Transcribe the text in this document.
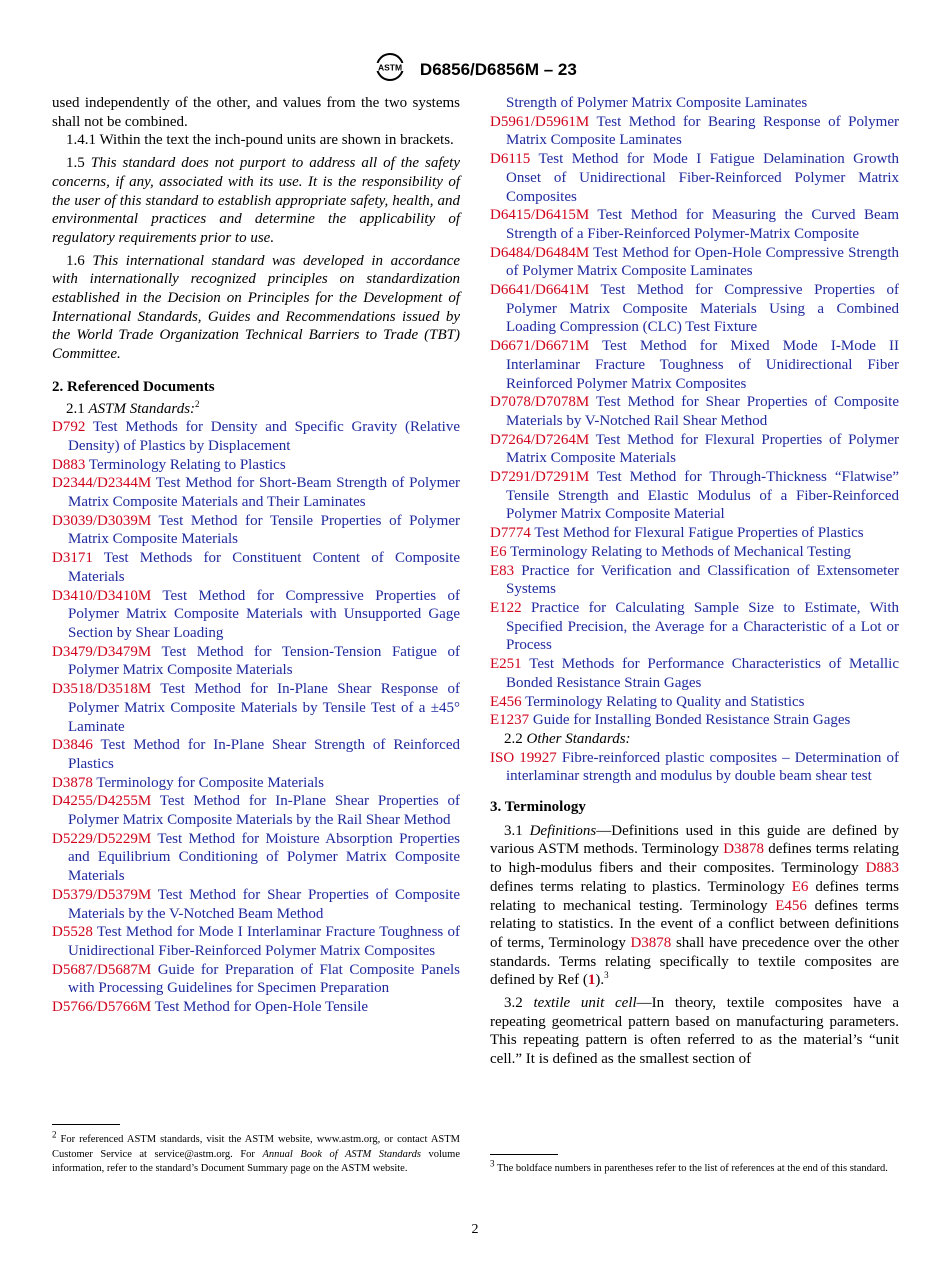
ASTM D6856/D6856M – 23

used independently of the other, and values from the two systems shall not be combined.

1.4.1 Within the text the inch-pound units are shown in brackets.

1.5 This standard does not purport to address all of the safety concerns, if any, associated with its use. It is the responsibility of the user of this standard to establish appropriate safety, health, and environmental practices and determine the applicability of regulatory requirements prior to use.

1.6 This international standard was developed in accordance with internationally recognized principles on standardization established in the Decision on Principles for the Development of International Standards, Guides and Recommendations issued by the World Trade Organization Technical Barriers to Trade (TBT) Committee.

2. Referenced Documents

2.1 ASTM Standards:$^2$

D792 Test Methods for Density and Specific Gravity (Relative Density) of Plastics by Displacement

D883 Terminology Relating to Plastics

D2344/D2344M Test Method for Short-Beam Strength of Polymer Matrix Composite Materials and Their Laminates

D3039/D3039M Test Method for Tensile Properties of Polymer Matrix Composite Materials

D3171 Test Methods for Constituent Content of Composite Materials

D3410/D3410M Test Method for Compressive Properties of Polymer Matrix Composite Materials with Unsupported Gage Section by Shear Loading

D3479/D3479M Test Method for Tension-Tension Fatigue of Polymer Matrix Composite Materials

D3518/D3518M Test Method for In-Plane Shear Response of Polymer Matrix Composite Materials by Tensile Test of a ±45° Laminate

D3846 Test Method for In-Plane Shear Strength of Reinforced Plastics

D3878 Terminology for Composite Materials

D4255/D4255M Test Method for In-Plane Shear Properties of Polymer Matrix Composite Materials by the Rail Shear Method

D5229/D5229M Test Method for Moisture Absorption Properties and Equilibrium Conditioning of Polymer Matrix Composite Materials

D5379/D5379M Test Method for Shear Properties of Composite Materials by the V-Notched Beam Method

D5528 Test Method for Mode I Interlaminar Fracture Toughness of Unidirectional Fiber-Reinforced Polymer Matrix Composites

D5687/D5687M Guide for Preparation of Flat Composite Panels with Processing Guidelines for Specimen Preparation

D5766/D5766M Test Method for Open-Hole Tensile

$^2$ For referenced ASTM standards, visit the ASTM website, www.astm.org, or contact ASTM Customer Service at service@astm.org. For Annual Book of ASTM Standards volume information, refer to the standard’s Document Summary page on the ASTM website.

Strength of Polymer Matrix Composite Laminates

D5961/D5961M Test Method for Bearing Response of Polymer Matrix Composite Laminates

D6115 Test Method for Mode I Fatigue Delamination Growth Onset of Unidirectional Fiber-Reinforced Polymer Matrix Composites

D6415/D6415M Test Method for Measuring the Curved Beam Strength of a Fiber-Reinforced Polymer-Matrix Composite

D6484/D6484M Test Method for Open-Hole Compressive Strength of Polymer Matrix Composite Laminates

D6641/D6641M Test Method for Compressive Properties of Polymer Matrix Composite Materials Using a Combined Loading Compression (CLC) Test Fixture

D6671/D6671M Test Method for Mixed Mode I-Mode II Interlaminar Fracture Toughness of Unidirectional Fiber Reinforced Polymer Matrix Composites

D7078/D7078M Test Method for Shear Properties of Composite Materials by V-Notched Rail Shear Method

D7264/D7264M Test Method for Flexural Properties of Polymer Matrix Composite Materials

D7291/D7291M Test Method for Through-Thickness “Flatwise” Tensile Strength and Elastic Modulus of a Fiber-Reinforced Polymer Matrix Composite Material

D7774 Test Method for Flexural Fatigue Properties of Plastics

E6 Terminology Relating to Methods of Mechanical Testing

E83 Practice for Verification and Classification of Extensometer Systems

E122 Practice for Calculating Sample Size to Estimate, With Specified Precision, the Average for a Characteristic of a Lot or Process

E251 Test Methods for Performance Characteristics of Metallic Bonded Resistance Strain Gages

E456 Terminology Relating to Quality and Statistics

E1237 Guide for Installing Bonded Resistance Strain Gages

2.2 Other Standards:

ISO 19927 Fibre-reinforced plastic composites – Determination of interlaminar strength and modulus by double beam shear test

3. Terminology

3.1 Definitions—Definitions used in this guide are defined by various ASTM methods. Terminology D3878 defines terms relating to high-modulus fibers and their composites. Terminology D883 defines terms relating to plastics. Terminology E6 defines terms relating to mechanical testing. Terminology E456 defines terms relating to statistics. In the event of a conflict between definitions of terms, Terminology D3878 shall have precedence over the other standards. Terms relating specifically to textile composites are defined by Ref (1).$^3$

3.2 textile unit cell—In theory, textile composites have a repeating geometrical pattern based on manufacturing parameters. This repeating pattern is often referred to as the material’s “unit cell.” It is defined as the smallest section of

$^3$ The boldface numbers in parentheses refer to the list of references at the end of this standard.
2
